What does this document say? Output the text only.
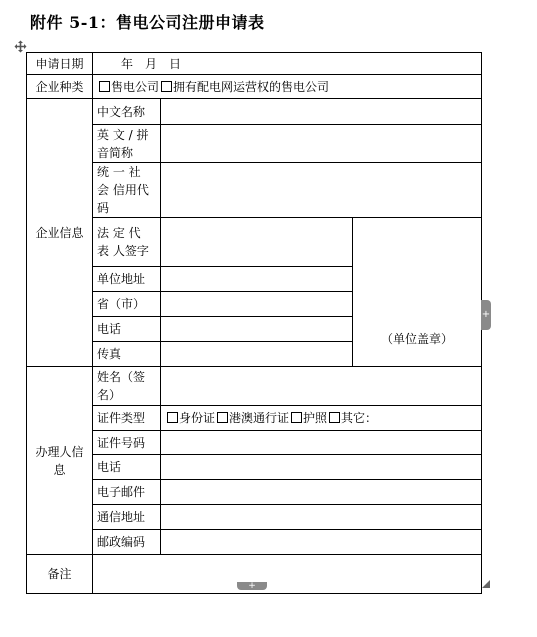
附件 5-1：售电公司注册申请表
申请日期	年　月　日		
企业种类	售电公司 拥有配电网运营权的售电公司		
企业信息	中文名称		
	英 文 / 拼 音简称		
	统 一 社 会 信用代码		
	法 定 代 表 人签字		（单位盖章）
	单位地址		
	省（市）		
	电话		
	传真		
办理人信息	姓名（签名）		
	证件类型	身份证 港澳通行证 护照 其它：	
	证件号码		
	电话		
	电子邮件		
	通信地址		
	邮政编码		
备注			
+
+
